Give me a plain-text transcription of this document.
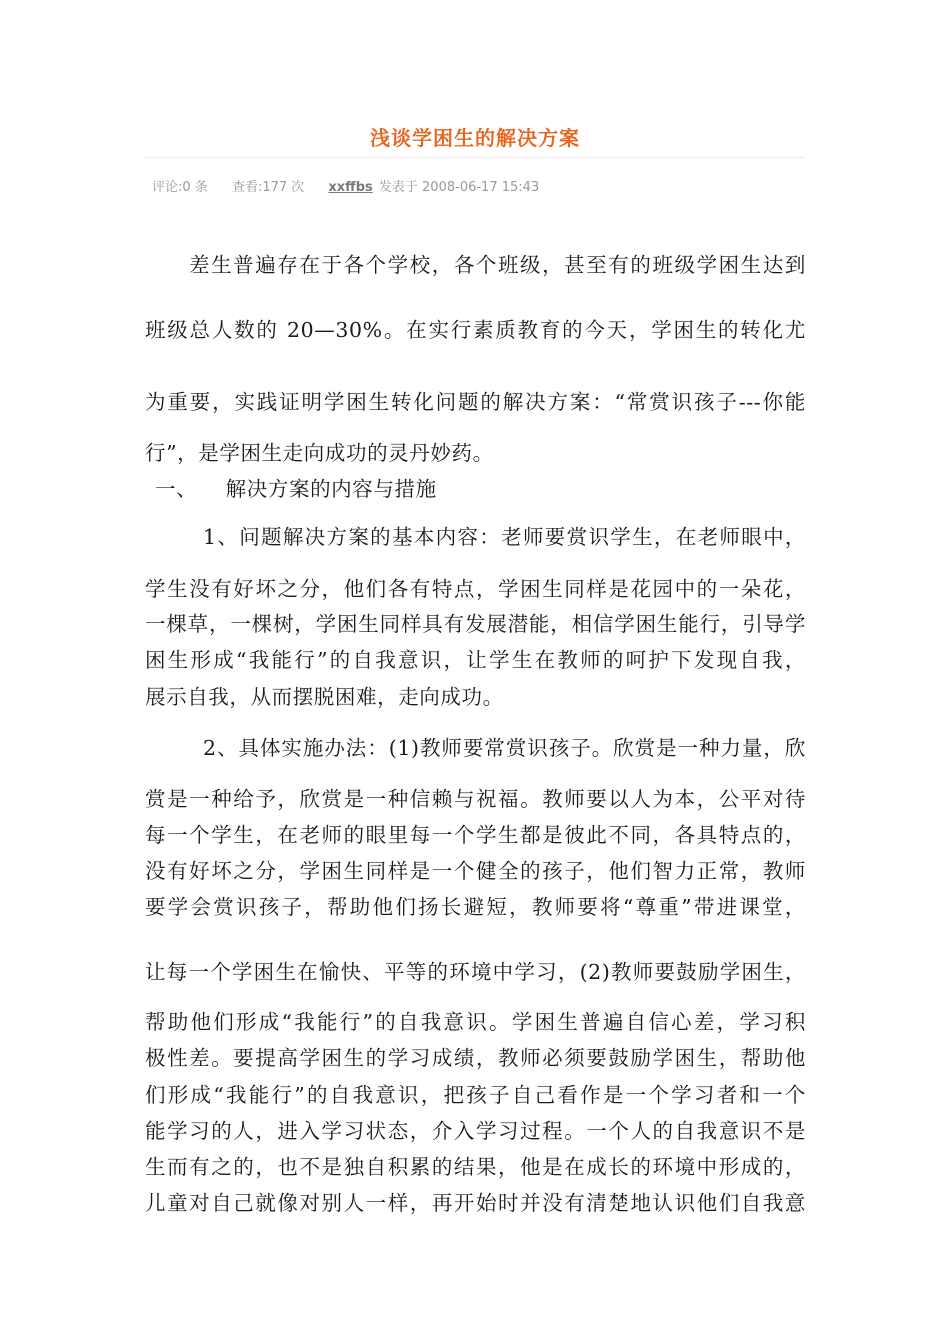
浅谈学困生的解决方案
评论:0 条 查看:177 次 xxffbs 发表于 2008-06-17 15:43
差生普遍存在于各个学校，各个班级，甚至有的班级学困生达到
班级总人数的 20—30%。在实行素质教育的今天，学困生的转化尤
为重要，实践证明学困生转化问题的解决方案：“常赏识孩子---你能
行”，是学困生走向成功的灵丹妙药。
一、    解决方案的内容与措施
1、问题解决方案的基本内容：老师要赏识学生，在老师眼中，
学生没有好坏之分，他们各有特点，学困生同样是花园中的一朵花，
一棵草，一棵树，学困生同样具有发展潜能，相信学困生能行，引导学
困生形成“我能行”的自我意识，让学生在教师的呵护下发现自我，
展示自我，从而摆脱困难，走向成功。
2、具体实施办法：(1)教师要常赏识孩子。欣赏是一种力量，欣
赏是一种给予，欣赏是一种信赖与祝福。教师要以人为本，公平对待
每一个学生，在老师的眼里每一个学生都是彼此不同，各具特点的，
没有好坏之分，学困生同样是一个健全的孩子，他们智力正常，教师
要学会赏识孩子，帮助他们扬长避短，教师要将“尊重”带进课堂，
让每一个学困生在愉快、平等的环境中学习，(2)教师要鼓励学困生，
帮助他们形成“我能行”的自我意识。学困生普遍自信心差，学习积
极性差。要提高学困生的学习成绩，教师必须要鼓励学困生，帮助他
们形成“我能行”的自我意识，把孩子自己看作是一个学习者和一个
能学习的人，进入学习状态，介入学习过程。一个人的自我意识不是
生而有之的，也不是独自积累的结果，他是在成长的环境中形成的，
儿童对自己就像对别人一样，再开始时并没有清楚地认识他们自我意
